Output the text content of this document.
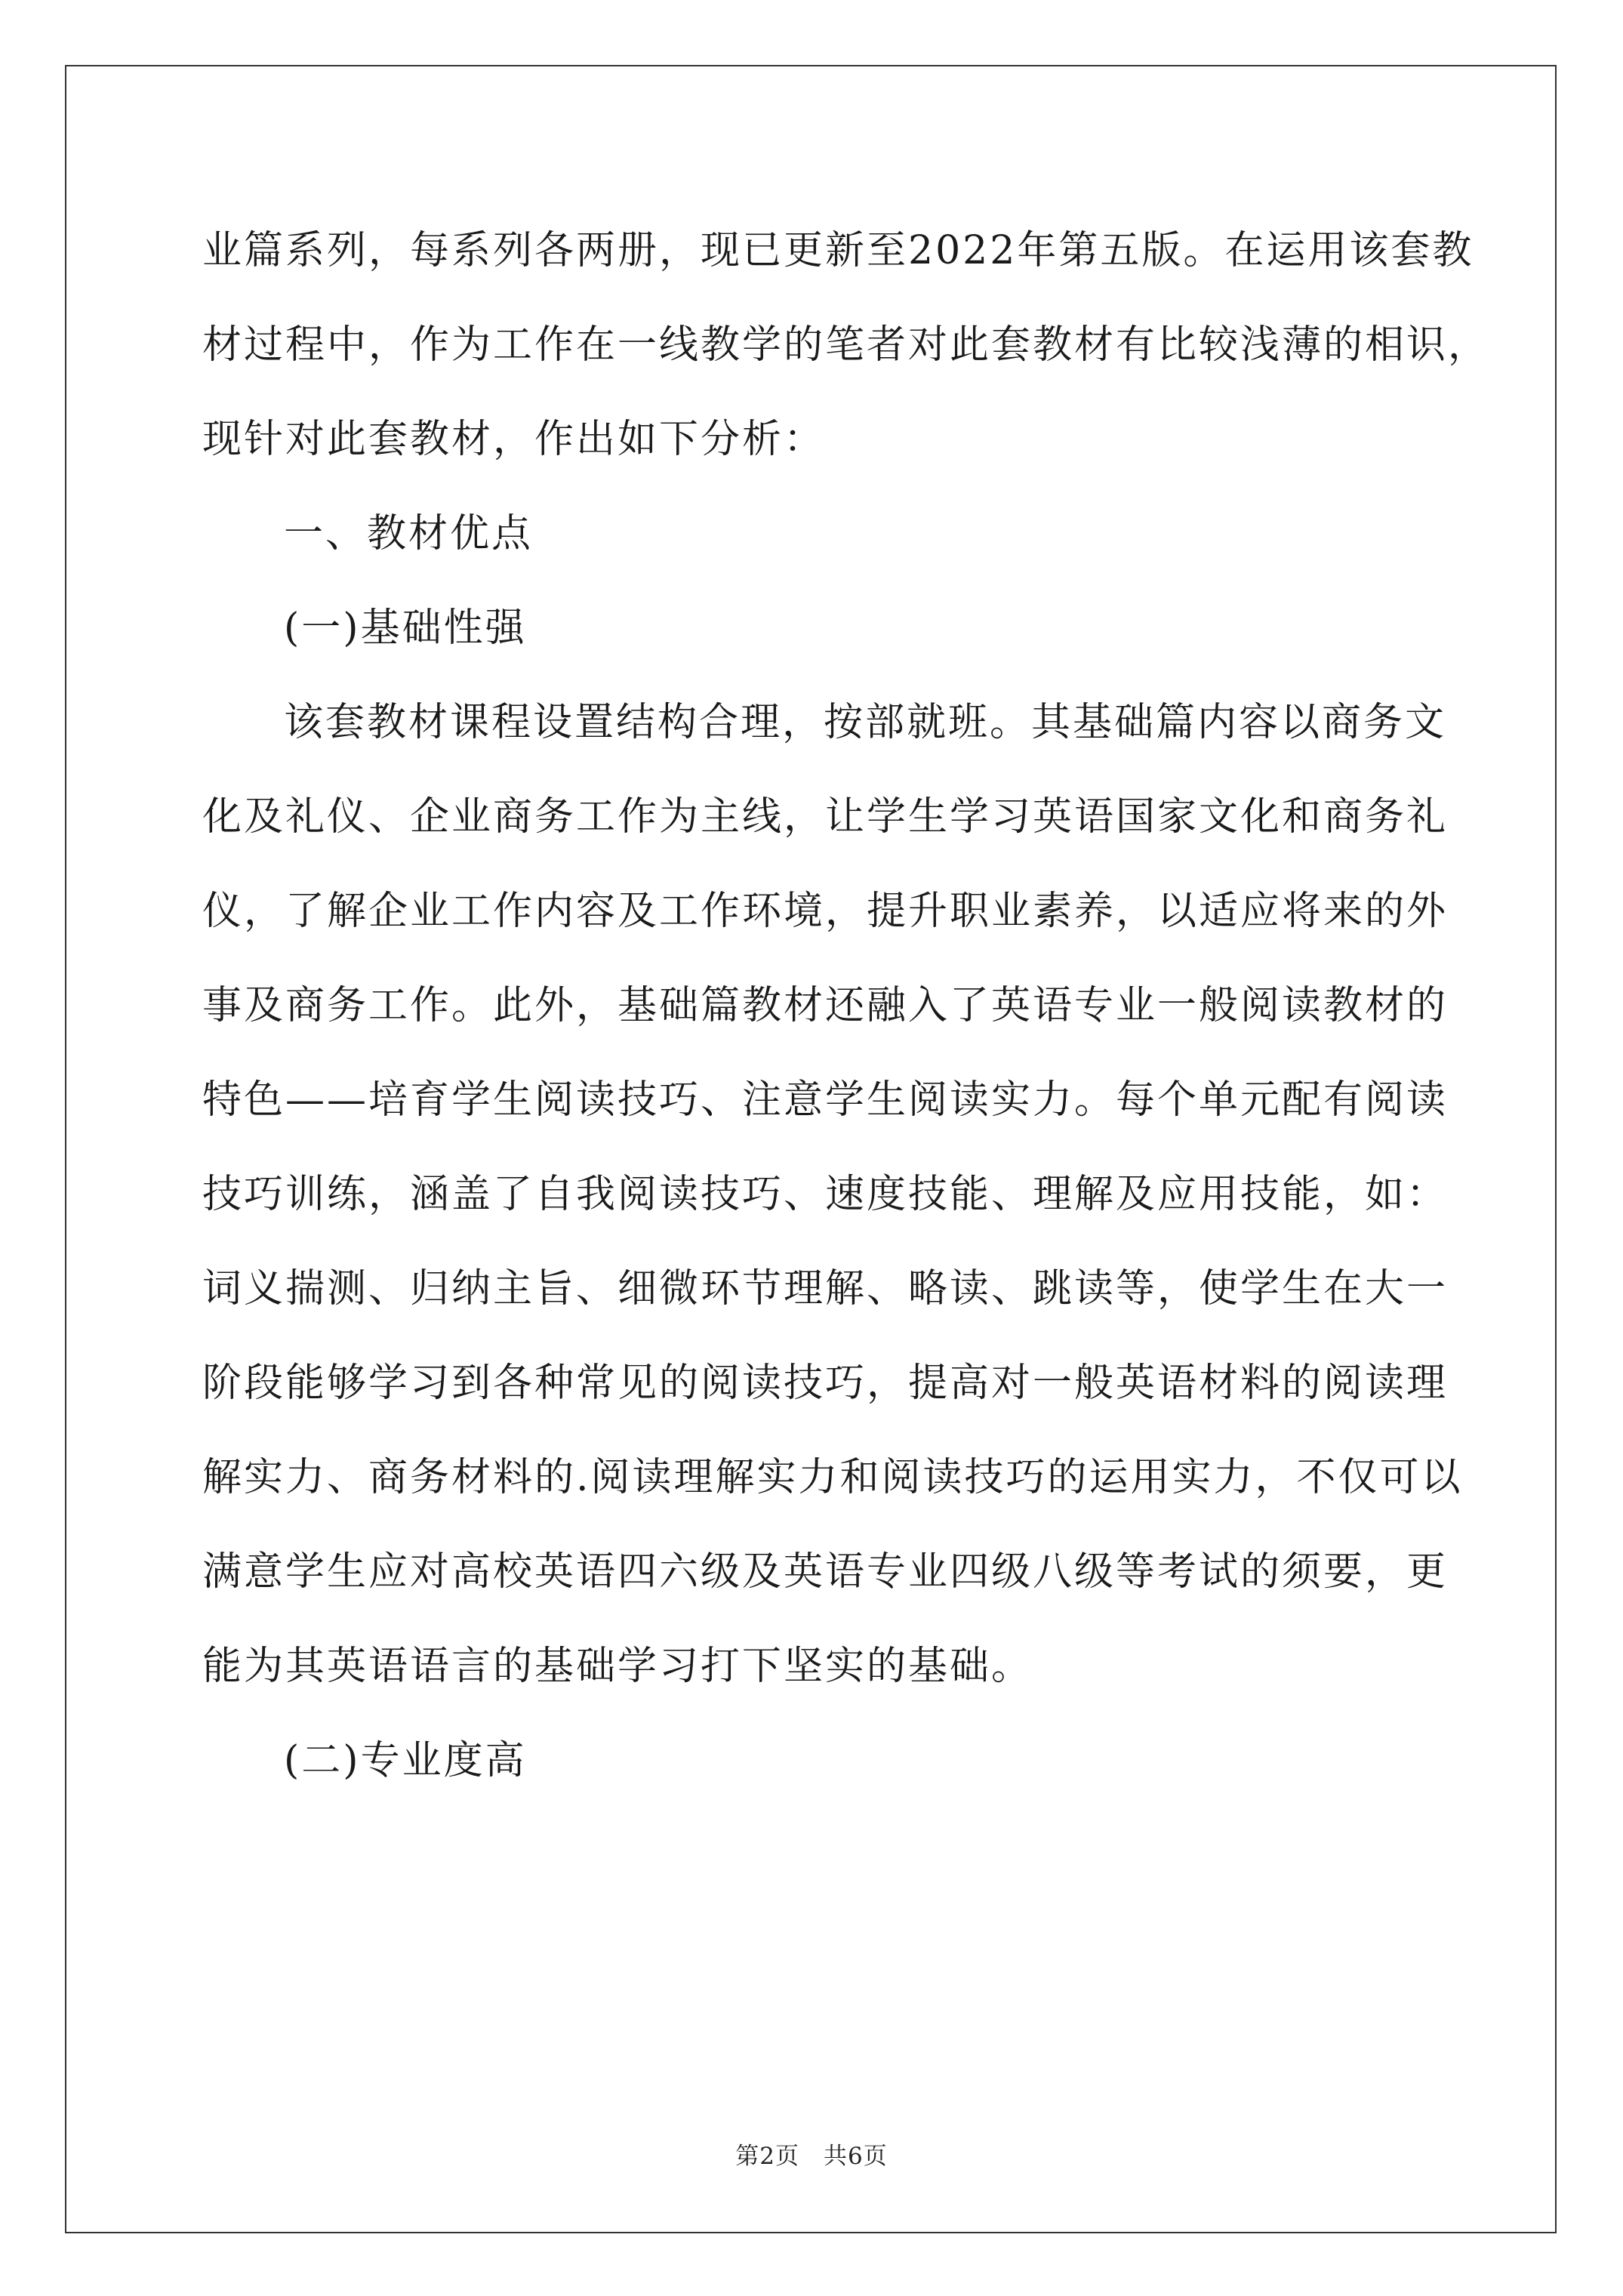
业篇系列，每系列各两册，现已更新至2022年第五版。在运用该套教

材过程中，作为工作在一线教学的笔者对此套教材有比较浅薄的相识，

现针对此套教材，作出如下分析：

一、教材优点

(一)基础性强

该套教材课程设置结构合理，按部就班。其基础篇内容以商务文

化及礼仪、企业商务工作为主线，让学生学习英语国家文化和商务礼

仪，了解企业工作内容及工作环境，提升职业素养，以适应将来的外

事及商务工作。此外，基础篇教材还融入了英语专业一般阅读教材的

特色——培育学生阅读技巧、注意学生阅读实力。每个单元配有阅读

技巧训练，涵盖了自我阅读技巧、速度技能、理解及应用技能，如：

词义揣测、归纳主旨、细微环节理解、略读、跳读等，使学生在大一

阶段能够学习到各种常见的阅读技巧，提高对一般英语材料的阅读理

解实力、商务材料的.阅读理解实力和阅读技巧的运用实力，不仅可以

满意学生应对高校英语四六级及英语专业四级八级等考试的须要，更

能为其英语语言的基础学习打下坚实的基础。

(二)专业度高

第2页　共6页
